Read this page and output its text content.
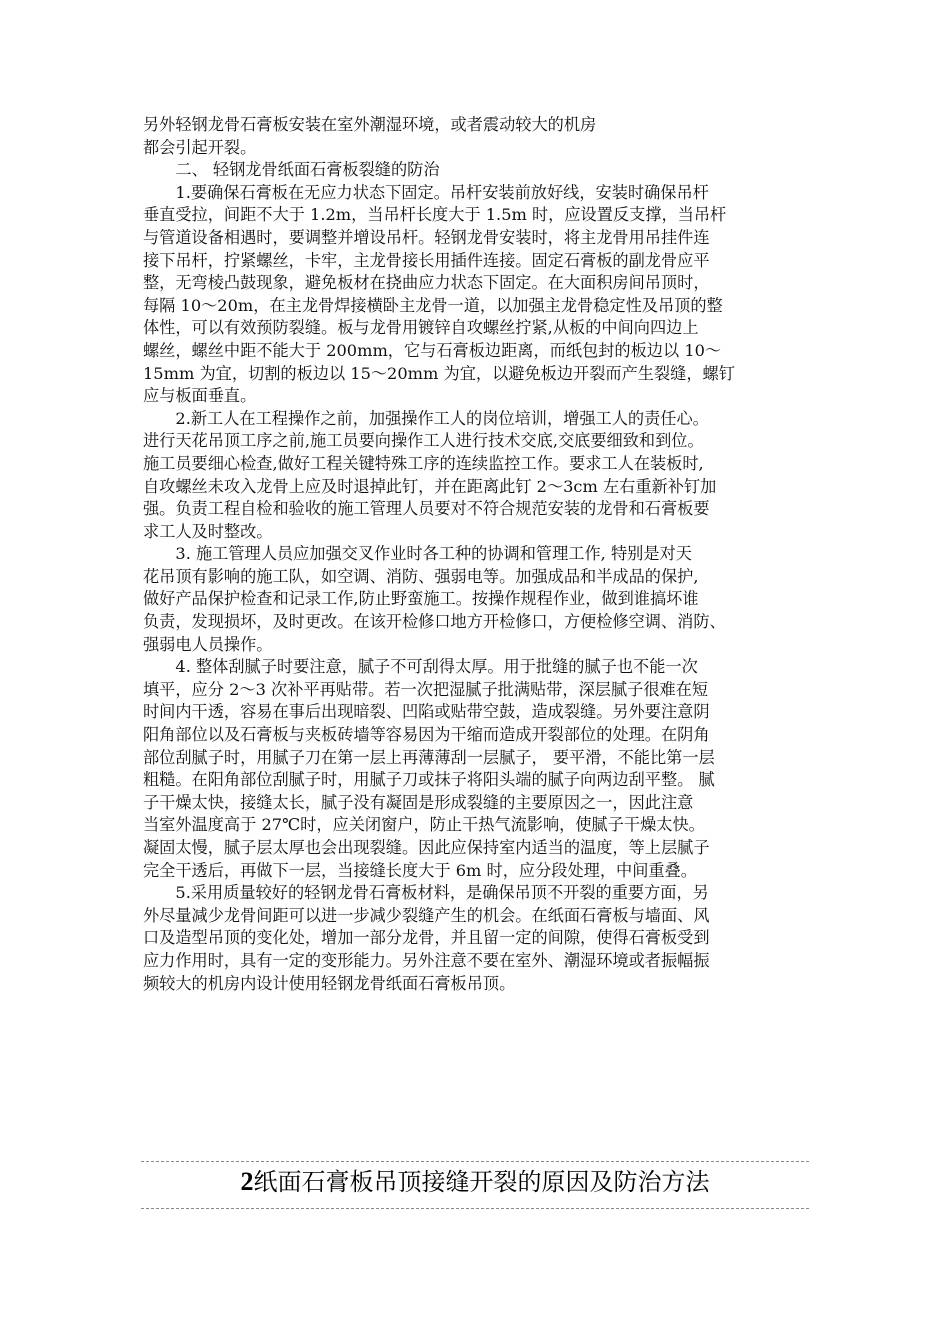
另外轻钢龙骨石膏板安装在室外潮湿环境，或者震动较大的机房
都会引起开裂。
二、 轻钢龙骨纸面石膏板裂缝的防治
1.要确保石膏板在无应力状态下固定。吊杆安装前放好线，安装时确保吊杆
垂直受拉，间距不大于 1.2m，当吊杆长度大于 1.5m 时，应设置反支撑，当吊杆
与管道设备相遇时，要调整并增设吊杆。轻钢龙骨安装时，将主龙骨用吊挂件连
接下吊杆，拧紧螺丝，卡牢，主龙骨接长用插件连接。固定石膏板的副龙骨应平
整，无弯棱凸鼓现象，避免板材在挠曲应力状态下固定。在大面积房间吊顶时，
每隔 10～20m，在主龙骨焊接横卧主龙骨一道，以加强主龙骨稳定性及吊顶的整
体性，可以有效预防裂缝。板与龙骨用镀锌自攻螺丝拧紧,从板的中间向四边上
螺丝，螺丝中距不能大于 200mm，它与石膏板边距离，而纸包封的板边以 10～
15mm 为宜，切割的板边以 15～20mm 为宜，以避免板边开裂而产生裂缝，螺钉
应与板面垂直。
2.新工人在工程操作之前，加强操作工人的岗位培训，增强工人的责任心。
进行天花吊顶工序之前,施工员要向操作工人进行技术交底,交底要细致和到位。
施工员要细心检查,做好工程关键特殊工序的连续监控工作。要求工人在装板时,
自攻螺丝未攻入龙骨上应及时退掉此钉，并在距离此钉 2～3cm 左右重新补钉加
强。负责工程自检和验收的施工管理人员要对不符合规范安装的龙骨和石膏板要
求工人及时整改。
3. 施工管理人员应加强交叉作业时各工种的协调和管理工作, 特别是对天
花吊顶有影响的施工队，如空调、消防、强弱电等。加强成品和半成品的保护,
做好产品保护检查和记录工作,防止野蛮施工。按操作规程作业，做到谁搞坏谁
负责，发现损坏，及时更改。在该开检修口地方开检修口，方便检修空调、消防、
强弱电人员操作。
4. 整体刮腻子时要注意，腻子不可刮得太厚。用于批缝的腻子也不能一次
填平，应分 2～3 次补平再贴带。若一次把湿腻子批满贴带，深层腻子很难在短
时间内干透，容易在事后出现暗裂、凹陷或贴带空鼓，造成裂缝。另外要注意阴
阳角部位以及石膏板与夹板砖墙等容易因为干缩而造成开裂部位的处理。在阴角
部位刮腻子时，用腻子刀在第一层上再薄薄刮一层腻子， 要平滑，不能比第一层
粗糙。在阳角部位刮腻子时，用腻子刀或抹子将阳头端的腻子向两边刮平整。 腻
子干燥太快，接缝太长，腻子没有凝固是形成裂缝的主要原因之一，因此注意
当室外温度高于 27℃时，应关闭窗户，防止干热气流影响，使腻子干燥太快。
凝固太慢，腻子层太厚也会出现裂缝。因此应保持室内适当的温度，等上层腻子
完全干透后，再做下一层，当接缝长度大于 6m 时，应分段处理，中间重叠。
5.采用质量较好的轻钢龙骨石膏板材料，是确保吊顶不开裂的重要方面，另
外尽量减少龙骨间距可以进一步减少裂缝产生的机会。在纸面石膏板与墙面、风
口及造型吊顶的变化处，增加一部分龙骨，并且留一定的间隙，使得石膏板受到
应力作用时，具有一定的变形能力。另外注意不要在室外、潮湿环境或者振幅振
频较大的机房内设计使用轻钢龙骨纸面石膏板吊顶。
2纸面石膏板吊顶接缝开裂的原因及防治方法
